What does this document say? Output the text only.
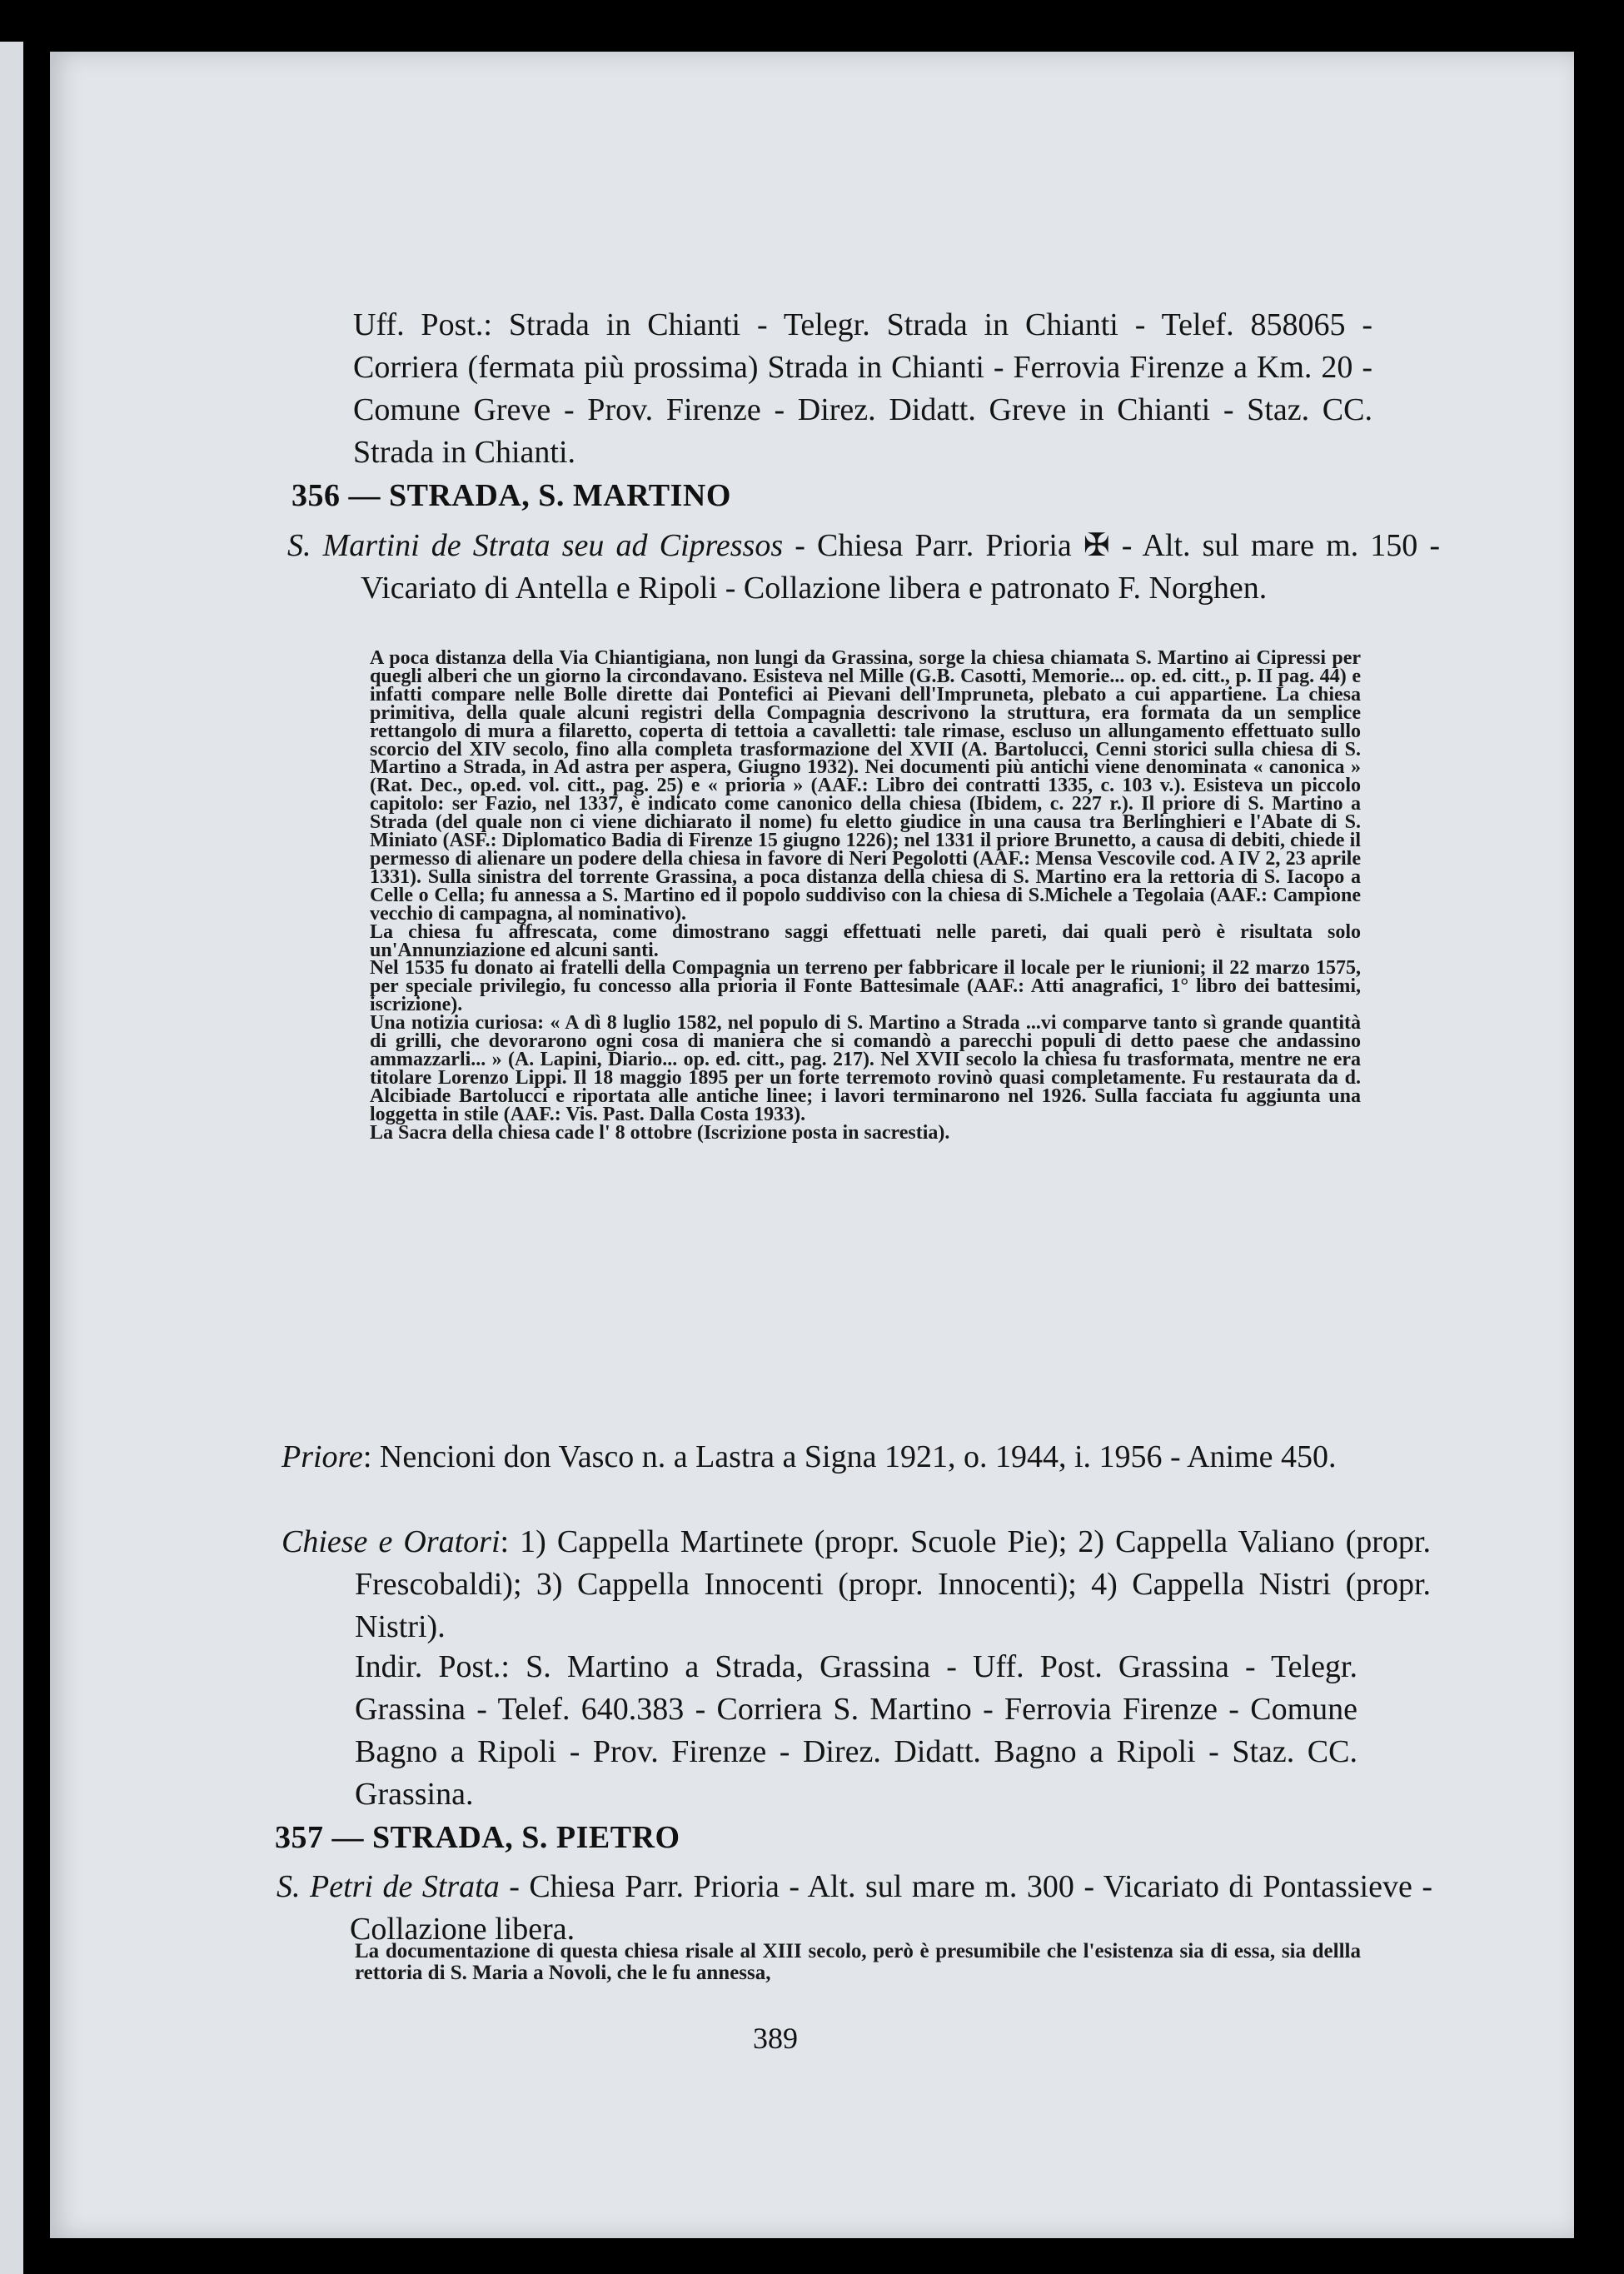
Uff. Post.: Strada in Chianti - Telegr. Strada in Chianti - Telef. 858065 - Corriera (fermata più prossima) Strada in Chianti - Ferrovia Firenze a Km. 20 - Comune Greve - Prov. Firenze - Direz. Didatt. Greve in Chianti - Staz. CC. Strada in Chianti.
356 — STRADA, S. MARTINO
S. Martini de Strata seu ad Cipressos - Chiesa Parr. Prioria ✠ - Alt. sul mare m. 150 - Vicariato di Antella e Ripoli - Collazione libera e patronato F. Norghen.

A poca distanza della Via Chiantigiana, non lungi da Grassina, sorge la chiesa chiamata S. Martino ai Cipressi per quegli alberi che un giorno la circondavano. Esisteva nel Mille (G.B. Casotti, Memorie... op. ed. citt., p. II pag. 44) e infatti compare nelle Bolle dirette dai Pontefici ai Pievani dell'Impruneta, plebato a cui appartiene. La chiesa primitiva, della quale alcuni registri della Compagnia descrivono la struttura, era formata da un semplice rettangolo di mura a filaretto, coperta di tettoia a cavalletti: tale rimase, escluso un allungamento effettuato sullo scorcio del XIV secolo, fino alla completa trasformazione del XVII (A. Bartolucci, Cenni storici sulla chiesa di S. Martino a Strada, in Ad astra per aspera, Giugno 1932). Nei documenti più antichi viene denominata « canonica » (Rat. Dec., op.ed. vol. citt., pag. 25) e « prioria » (AAF.: Libro dei contratti 1335, c. 103 v.). Esisteva un piccolo capitolo: ser Fazio, nel 1337, è indicato come canonico della chiesa (Ibidem, c. 227 r.). Il priore di S. Martino a Strada (del quale non ci viene dichiarato il nome) fu eletto giudice in una causa tra Berlinghieri e l'Abate di S. Miniato (ASF.: Diplomatico Badia di Firenze 15 giugno 1226); nel 1331 il priore Brunetto, a causa di debiti, chiede il permesso di alienare un podere della chiesa in favore di Neri Pegolotti (AAF.: Mensa Vescovile cod. A IV 2, 23 aprile 1331). Sulla sinistra del torrente Grassina, a poca distanza della chiesa di S. Martino era la rettoria di S. Iacopo a Celle o Cella; fu annessa a S. Martino ed il popolo suddiviso con la chiesa di S.Michele a Tegolaia (AAF.: Campione vecchio di campagna, al nominativo).

La chiesa fu affrescata, come dimostrano saggi effettuati nelle pareti, dai quali però è risultata solo un'Annunziazione ed alcuni santi.

Nel 1535 fu donato ai fratelli della Compagnia un terreno per fabbricare il locale per le riunioni; il 22 marzo 1575, per speciale privilegio, fu concesso alla prioria il Fonte Battesimale (AAF.: Atti anagrafici, 1° libro dei battesimi, iscrizione).

Una notizia curiosa: « A dì 8 luglio 1582, nel populo di S. Martino a Strada ...vi comparve tanto sì grande quantità di grilli, che devorarono ogni cosa di maniera che si comandò a parecchi populi di detto paese che andassino ammazzarli... » (A. Lapini, Diario... op. ed. citt., pag. 217). Nel XVII secolo la chiesa fu trasformata, mentre ne era titolare Lorenzo Lippi. Il 18 maggio 1895 per un forte terremoto rovinò quasi completamente. Fu restaurata da d. Alcibiade Bartolucci e riportata alle antiche linee; i lavori terminarono nel 1926. Sulla facciata fu aggiunta una loggetta in stile (AAF.: Vis. Past. Dalla Costa 1933).

La Sacra della chiesa cade l' 8 ottobre (Iscrizione posta in sacrestia).

Priore: Nencioni don Vasco n. a Lastra a Signa 1921, o. 1944, i. 1956 - Anime 450.
Chiese e Oratori: 1) Cappella Martinete (propr. Scuole Pie); 2) Cappella Valiano (propr. Frescobaldi); 3) Cappella Innocenti (propr. Innocenti); 4) Cappella Nistri (propr. Nistri).
Indir. Post.: S. Martino a Strada, Grassina - Uff. Post. Grassina - Telegr. Grassina - Telef. 640.383 - Corriera S. Martino - Ferrovia Firenze - Comune Bagno a Ripoli - Prov. Firenze - Direz. Didatt. Bagno a Ripoli - Staz. CC. Grassina.
357 — STRADA, S. PIETRO
S. Petri de Strata - Chiesa Parr. Prioria - Alt. sul mare m. 300 - Vicariato di Pontassieve - Collazione libera.

La documentazione di questa chiesa risale al XIII secolo, però è presumibile che l'esistenza sia di essa, sia dellla rettoria di S. Maria a Novoli, che le fu annessa,

389
